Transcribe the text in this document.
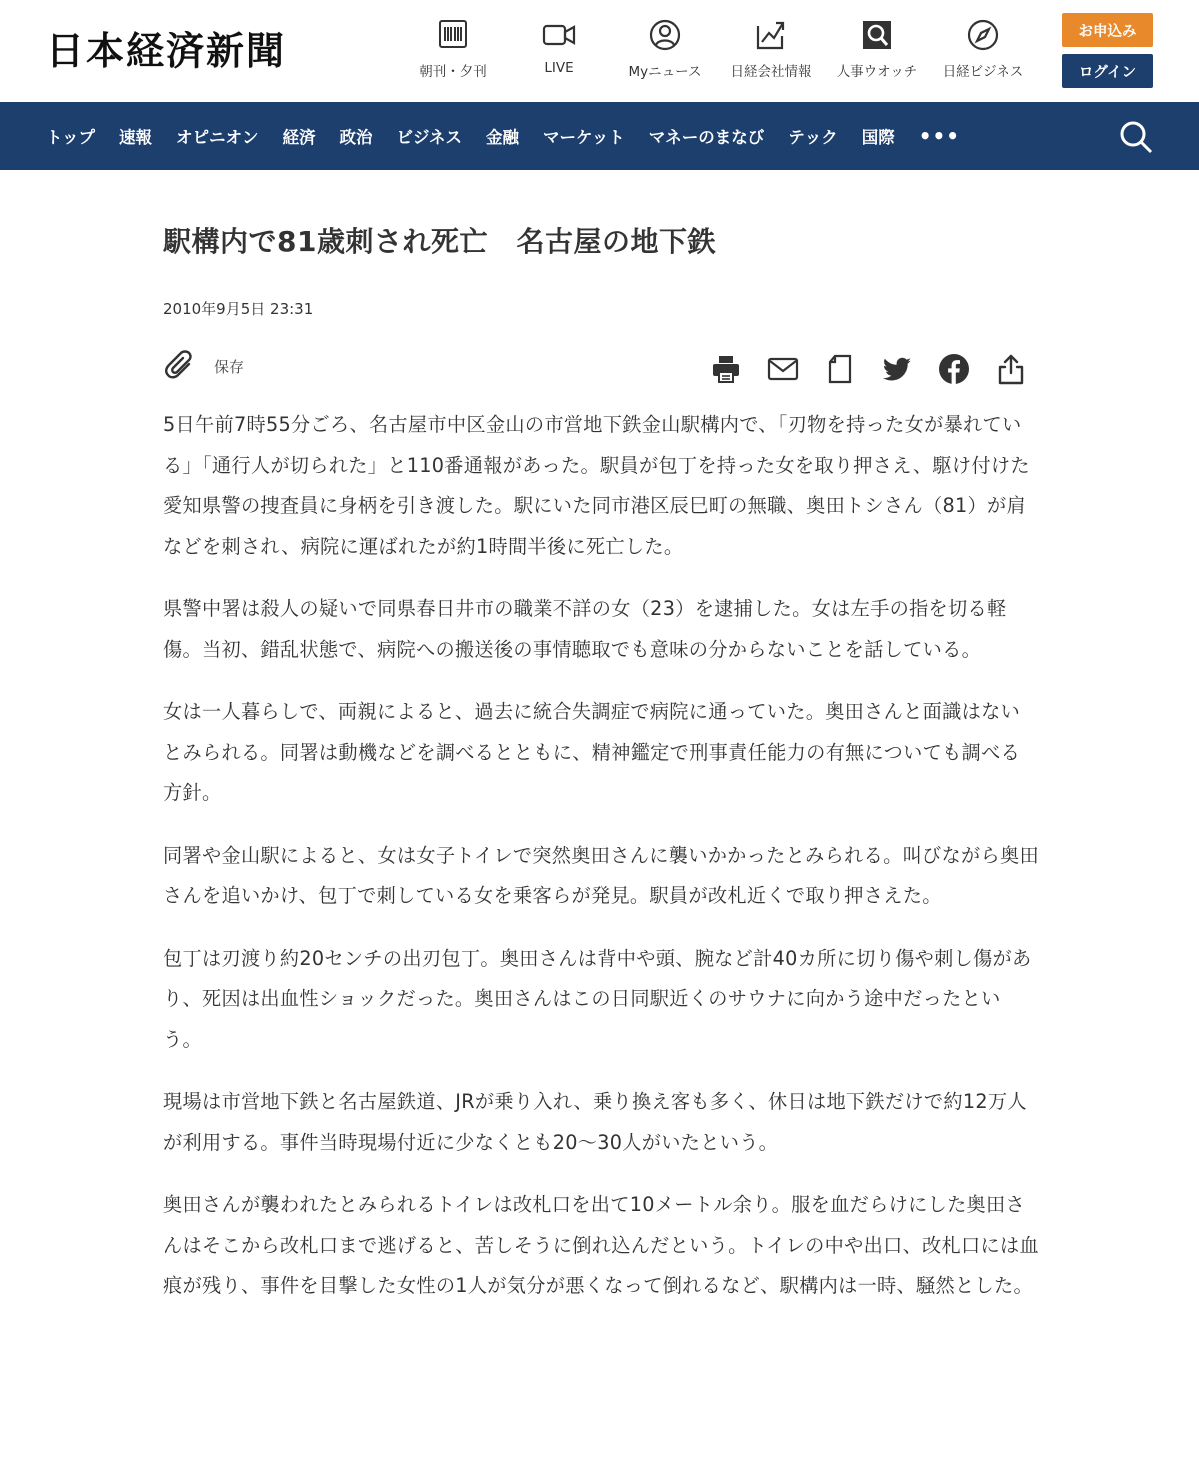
日本経済新聞	朝刊・夕刊	LIVE	Myニュース 日経会社情報 人事ウオッチ 日経ビジネス
お申込み
ログイン
トップ 速報 オピニオン 経済 政治 ビジネス 金融 マーケット マネーのまなび テック 国際 •••
駅構内で81歳刺され死亡　名古屋の地下鉄
2010年9月5日 23:31
保存

5日午前7時55分ごろ、名古屋市中区金山の市営地下鉄金山駅構内で、「刃物を持った女が暴れている」「通行人が切られた」と110番通報があった。駅員が包丁を持った女を取り押さえ、駆け付けた愛知県警の捜査員に身柄を引き渡した。駅にいた同市港区辰巳町の無職、奥田トシさん（81）が肩などを刺され、病院に運ばれたが約1時間半後に死亡した。

県警中署は殺人の疑いで同県春日井市の職業不詳の女（23）を逮捕した。女は左手の指を切る軽傷。当初、錯乱状態で、病院への搬送後の事情聴取でも意味の分からないことを話している。

女は一人暮らしで、両親によると、過去に統合失調症で病院に通っていた。奥田さんと面識はないとみられる。同署は動機などを調べるとともに、精神鑑定で刑事責任能力の有無についても調べる方針。

同署や金山駅によると、女は女子トイレで突然奥田さんに襲いかかったとみられる。叫びながら奥田さんを追いかけ、包丁で刺している女を乗客らが発見。駅員が改札近くで取り押さえた。

包丁は刃渡り約20センチの出刃包丁。奥田さんは背中や頭、腕など計40カ所に切り傷や刺し傷があり、死因は出血性ショックだった。奥田さんはこの日同駅近くのサウナに向かう途中だったという。

現場は市営地下鉄と名古屋鉄道、JRが乗り入れ、乗り換え客も多く、休日は地下鉄だけで約12万人が利用する。事件当時現場付近に少なくとも20～30人がいたという。

奥田さんが襲われたとみられるトイレは改札口を出て10メートル余り。服を血だらけにした奥田さんはそこから改札口まで逃げると、苦しそうに倒れ込んだという。トイレの中や出口、改札口には血痕が残り、事件を目撃した女性の1人が気分が悪くなって倒れるなど、駅構内は一時、騒然とした。
